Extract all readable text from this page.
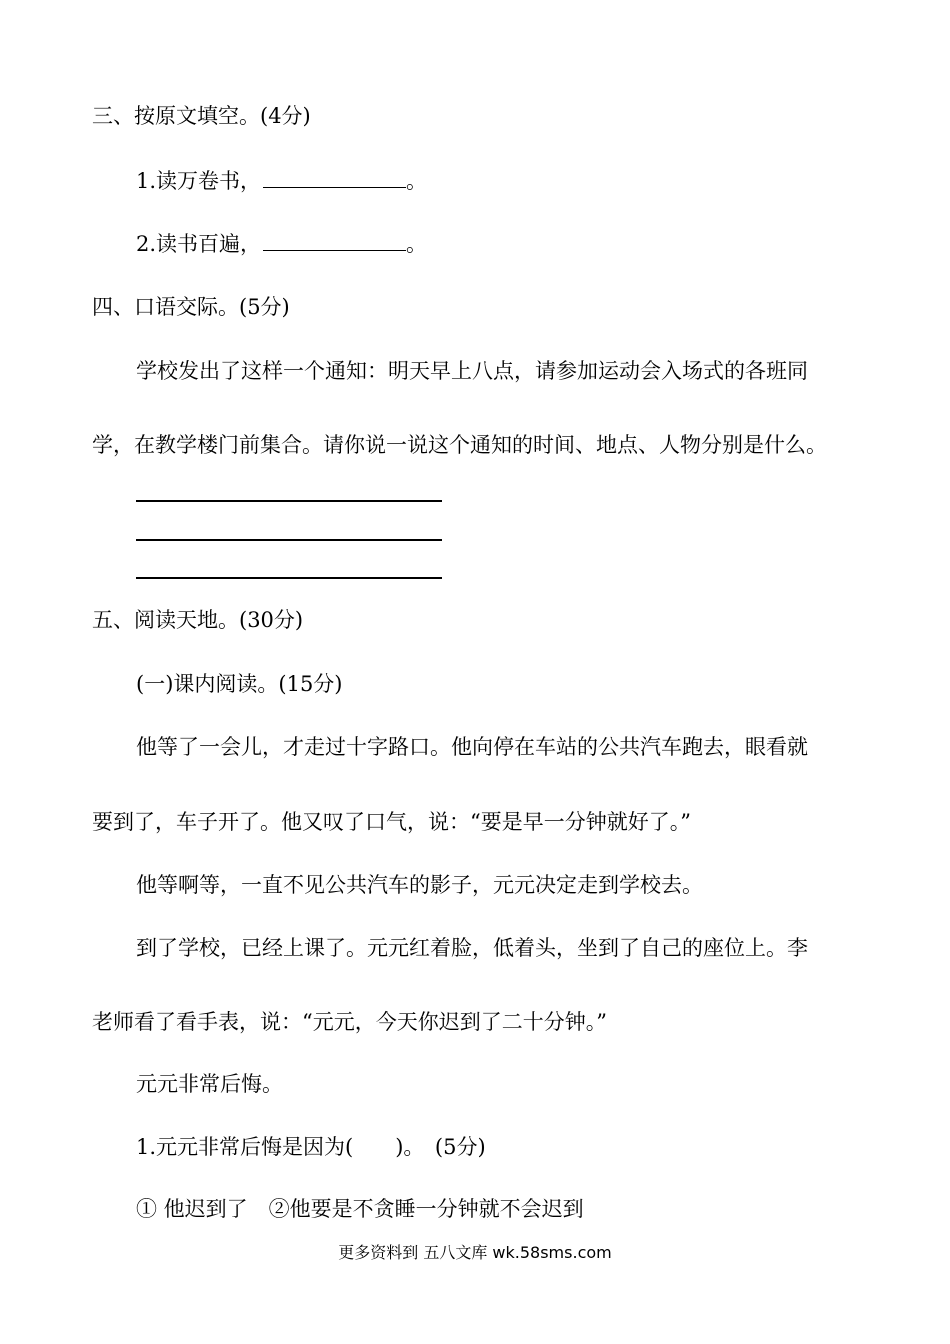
三、按原文填空。(4分)
1.读万卷书，	。
2.读书百遍，	。
四、口语交际。(5分)
学校发出了这样一个通知：明天早上八点，请参加运动会入场式的各班同
学，在教学楼门前集合。请你说一说这个通知的时间、地点、人物分别是什么。
五、阅读天地。(30分)
(一)课内阅读。(15分)
他等了一会儿，才走过十字路口。他向停在车站的公共汽车跑去，眼看就
要到了，车子开了。他又叹了口气，说：“要是早一分钟就好了。”
他等啊等，一直不见公共汽车的影子，元元决定走到学校去。
到了学校，已经上课了。元元红着脸，低着头，坐到了自己的座位上。李
老师看了看手表，说：“元元，今天你迟到了二十分钟。”
元元非常后悔。
1.元元非常后悔是因为(　　)。　(5分)
① 他迟到了　②他要是不贪睡一分钟就不会迟到
更多资料到 五八文库 wk.58sms.com
